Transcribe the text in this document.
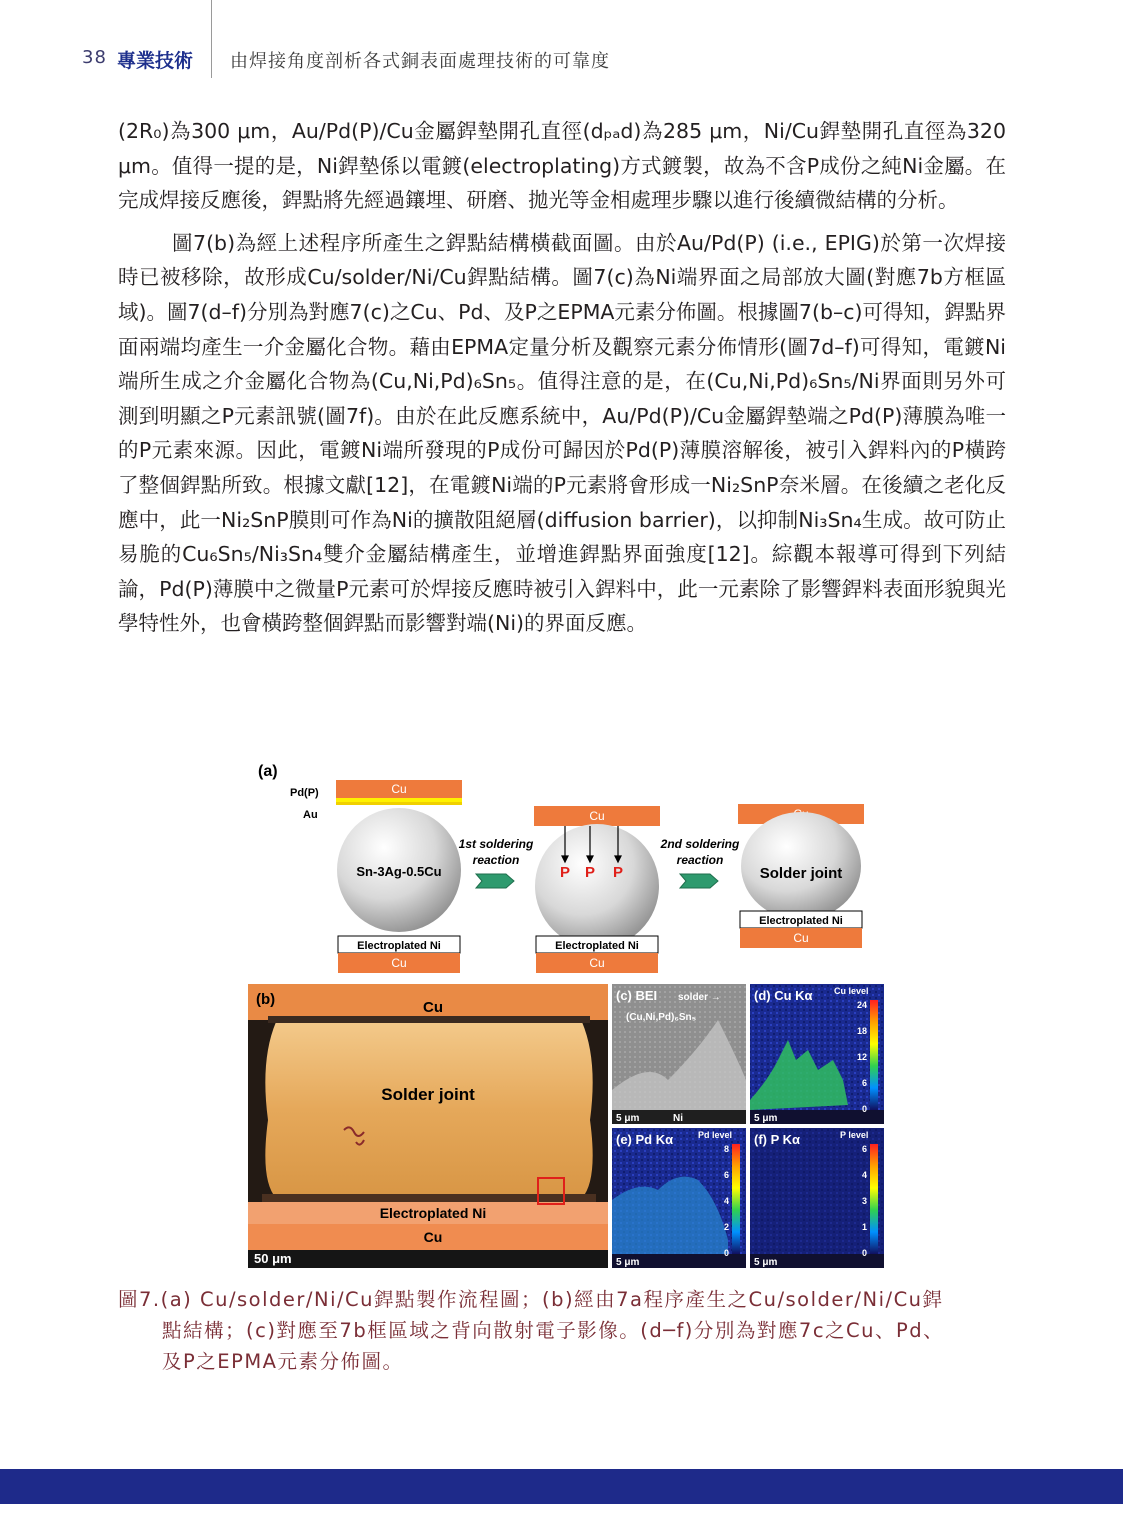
38 專業技術 由焊接角度剖析各式銅表面處理技術的可靠度

(2R₀)為300 μm，Au/Pd(P)/Cu金屬銲墊開孔直徑(dₚₐd)為285 μm，Ni/Cu銲墊開孔直徑為320 μm。值得一提的是，Ni銲墊係以電鍍(electroplating)方式鍍製，故為不含P成份之純Ni金屬。在完成焊接反應後，銲點將先經過鑲埋、研磨、拋光等金相處理步驟以進行後續微結構的分析。

圖7(b)為經上述程序所產生之銲點結構橫截面圖。由於Au/Pd(P) (i.e., EPIG)於第一次焊接時已被移除，故形成Cu/solder/Ni/Cu銲點結構。圖7(c)為Ni端界面之局部放大圖(對應7b方框區域)。圖7(d–f)分別為對應7(c)之Cu、Pd、及P之EPMA元素分佈圖。根據圖7(b–c)可得知，銲點界面兩端均產生一介金屬化合物。藉由EPMA定量分析及觀察元素分佈情形(圖7d–f)可得知，電鍍Ni端所生成之介金屬化合物為(Cu,Ni,Pd)₆Sn₅。值得注意的是，在(Cu,Ni,Pd)₆Sn₅/Ni界面則另外可測到明顯之P元素訊號(圖7f)。由於在此反應系統中，Au/Pd(P)/Cu金屬銲墊端之Pd(P)薄膜為唯一的P元素來源。因此，電鍍Ni端所發現的P成份可歸因於Pd(P)薄膜溶解後，被引入銲料內的P橫跨了整個銲點所致。根據文獻[12]，在電鍍Ni端的P元素將會形成一Ni₂SnP奈米層。在後續之老化反應中，此一Ni₂SnP膜則可作為Ni的擴散阻絕層(diffusion barrier)，以抑制Ni₃Sn₄生成。故可防止易脆的Cu₆Sn₅/Ni₃Sn₄雙介金屬結構產生，並增進銲點界面強度[12]。綜觀本報導可得到下列結論，Pd(P)薄膜中之微量P元素可於焊接反應時被引入銲料中，此一元素除了影響銲料表面形貌與光學特性外，也會橫跨整個銲點而影響對端(Ni)的界面反應。

(a)
Cu
Pd(P)
Au
Sn-3Ag-0.5Cu
Electroplated Ni
Cu
1st soldering
reaction
Cu
P P P
Electroplated Ni
Cu
2nd soldering
reaction
Solder joint
Electroplated Ni
Cu
(b)	Cu
Solder joint
Electroplated Ni
Cu
50 μm
(c) BEI solder →
(Cu,Ni,Pd)₆Sn₅
5 μm	Ni
(d) Cu Kα Cu level
24
18
12
6
0
5 μm
(e) Pd Kα	Pd level
8
6
4
2
0
5 μm
(f) P Kα	P level
6
4
3
1
0
5 μm
圖7.(a) Cu/solder/Ni/Cu銲點製作流程圖；(b)經由7a程序產生之Cu/solder/Ni/Cu銲
點結構；(c)對應至7b框區域之背向散射電子影像。(d─f)分別為對應7c之Cu、Pd、
及P之EPMA元素分佈圖。
